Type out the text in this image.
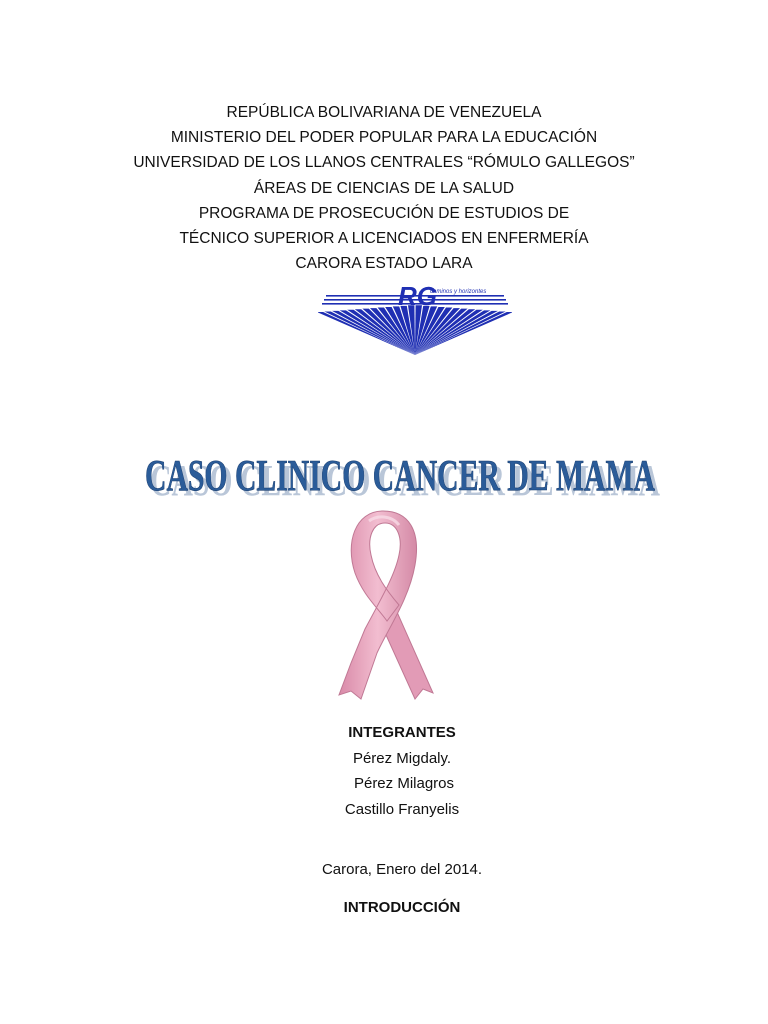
REPÚBLICA BOLIVARIANA DE VENEZUELA
MINISTERIO DEL PODER POPULAR PARA LA EDUCACIÓN
UNIVERSIDAD DE LOS LLANOS CENTRALES “RÓMULO GALLEGOS”
ÁREAS DE CIENCIAS DE LA SALUD
PROGRAMA DE PROSECUCIÓN DE ESTUDIOS DE
TÉCNICO SUPERIOR A LICENCIADOS EN ENFERMERÍA
CARORA ESTADO LARA
RG
caminos y horizontes
CASO CLINICO CANCER DE MAMA
CASO CLINICO CANCER DE MAMA
INTEGRANTES
Pérez Migdaly.
Pérez Milagros
Castillo Franyelis
Carora, Enero del 2014.
INTRODUCCIÓN
